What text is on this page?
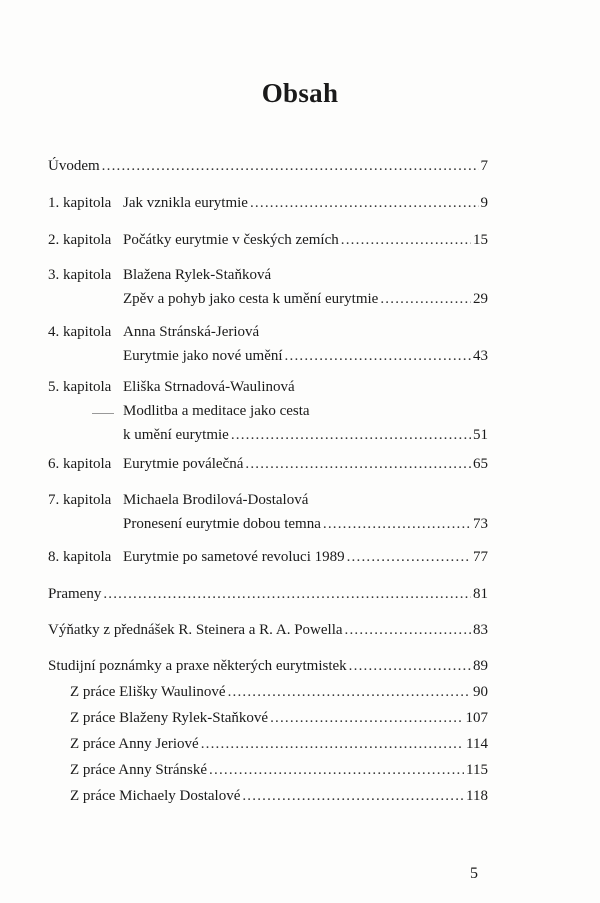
Obsah
Úvodem .....	7
1. kapitola Jak vznikla eurytmie .....	9
2. kapitola Počátky eurytmie v českých zemích .....	15
3. kapitola Blažena Rylek-Staňková
Zpěv a pohyb jako cesta k umění eurytmie .....	29
4. kapitola Anna Stránská-Jeriová
Eurytmie jako nové umění .....	43
5. kapitola Eliška Strnadová-Waulinová
Modlitba a meditace jako cesta
k umění eurytmie .....	51
6. kapitola Eurytmie poválečná .....	65
7. kapitola Michaela Brodilová-Dostalová
Pronesení eurytmie dobou temna .....	73
8. kapitola Eurytmie po sametové revoluci 1989 .....	77
Prameny .....	81
Výňatky z přednášek R. Steinera a R. A. Powella .....	83
Studijní poznámky a praxe některých eurytmistek .....	89
Z práce Elišky Waulinové .....	90
Z práce Blaženy Rylek-Staňkové .....	107
Z práce Anny Jeriové .....	114
Z práce Anny Stránské .....	115
Z práce Michaely Dostalové .....	118
5
